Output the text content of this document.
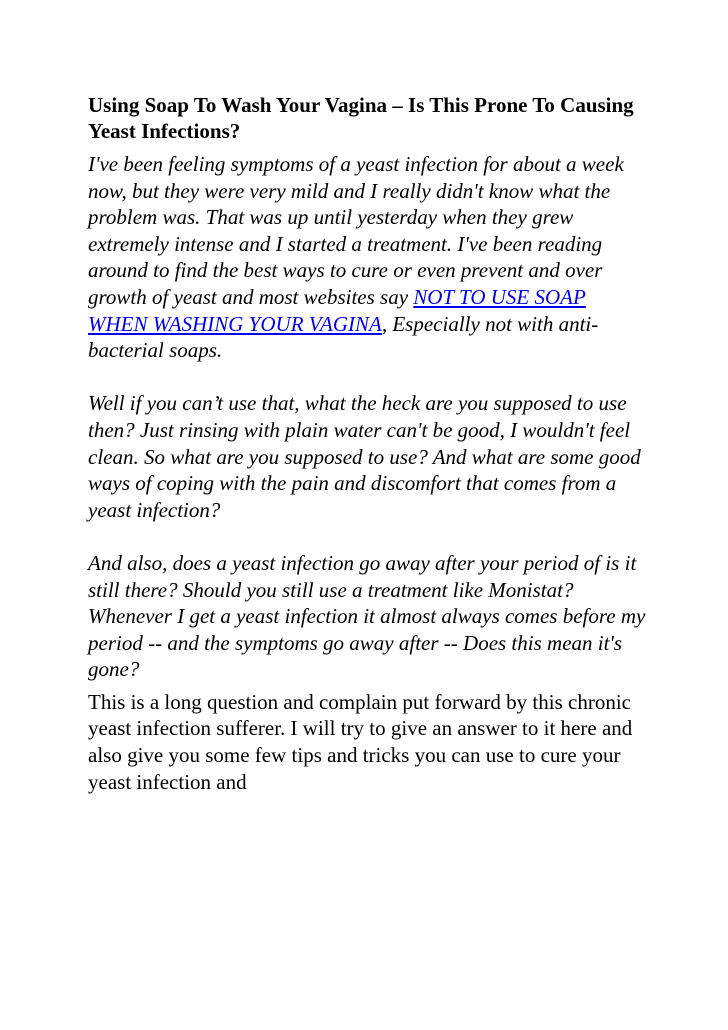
Using Soap To Wash Your Vagina – Is This Prone To Causing Yeast Infections?

I've been feeling symptoms of a yeast infection for about a week now, but they were very mild and I really didn't know what the problem was. That was up until yesterday when they grew extremely intense and I started a treatment. I've been reading around to find the best ways to cure or even prevent and over growth of yeast and most websites say NOT TO USE SOAP WHEN WASHING YOUR VAGINA, Especially not with anti-bacterial soaps.

Well if you can’t use that, what the heck are you supposed to use then? Just rinsing with plain water can't be good, I wouldn't feel clean. So what are you supposed to use? And what are some good ways of coping with the pain and discomfort that comes from a yeast infection?

And also, does a yeast infection go away after your period of is it still there? Should you still use a treatment like Monistat? Whenever I get a yeast infection it almost always comes before my period -- and the symptoms go away after -- Does this mean it's gone?

This is a long question and complain put forward by this chronic yeast infection sufferer. I will try to give an answer to it here and also give you some few tips and tricks you can use to cure your yeast infection and
